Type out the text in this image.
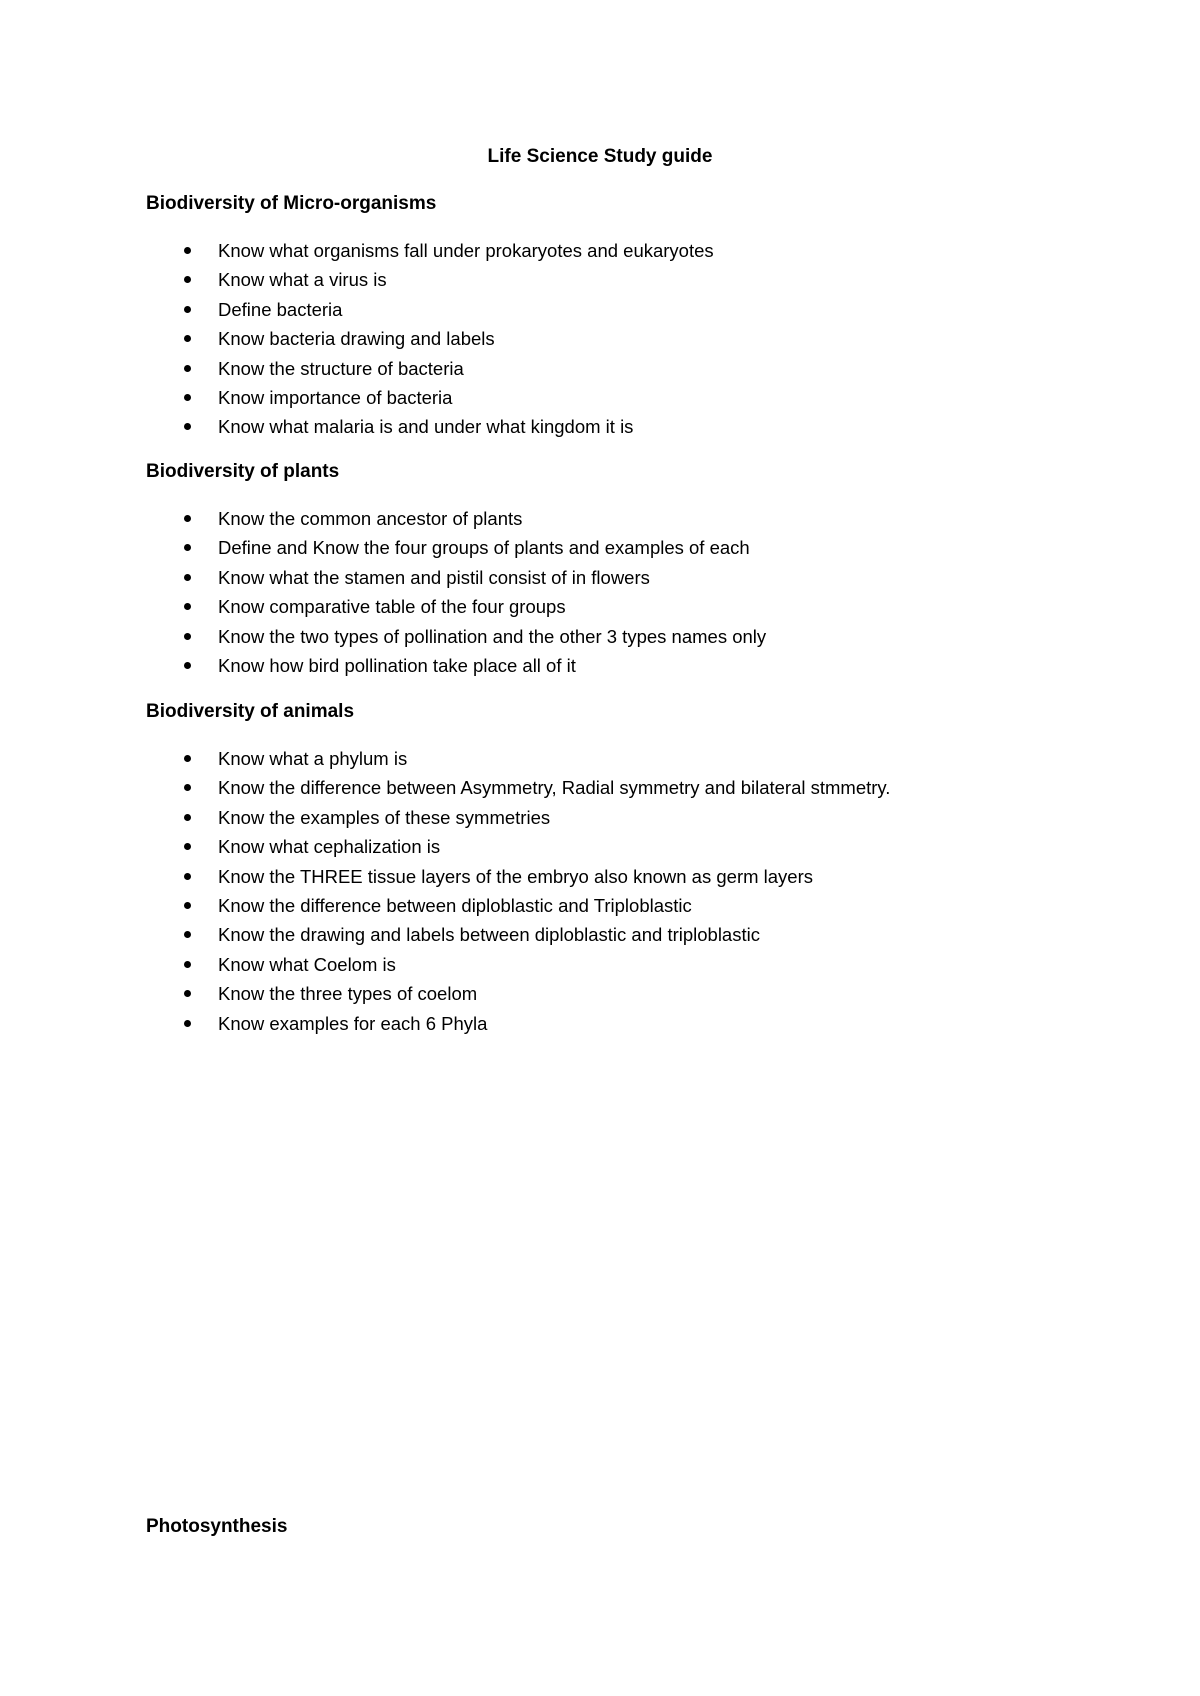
Life Science Study guide
Biodiversity of Micro-organisms
Know what organisms fall under prokaryotes and eukaryotes
Know what a virus is
Define bacteria
Know bacteria drawing and labels
Know the structure of bacteria
Know importance of bacteria
Know what malaria is and under what kingdom it is
Biodiversity of plants
Know the common ancestor of plants
Define and Know the four groups of plants and examples of each
Know what the stamen and pistil consist of in flowers
Know comparative table of the four groups
Know the two types of pollination and the other 3 types names only
Know how bird pollination take place all of it
Biodiversity of animals
Know what a phylum is
Know the difference between Asymmetry, Radial symmetry and bilateral stmmetry.
Know the examples of these symmetries
Know what cephalization is
Know the THREE tissue layers of the embryo also known as germ layers
Know the difference between diploblastic and Triploblastic
Know the drawing and labels between diploblastic and triploblastic
Know what Coelom is
Know the three types of coelom
Know examples for each 6 Phyla
Photosynthesis
